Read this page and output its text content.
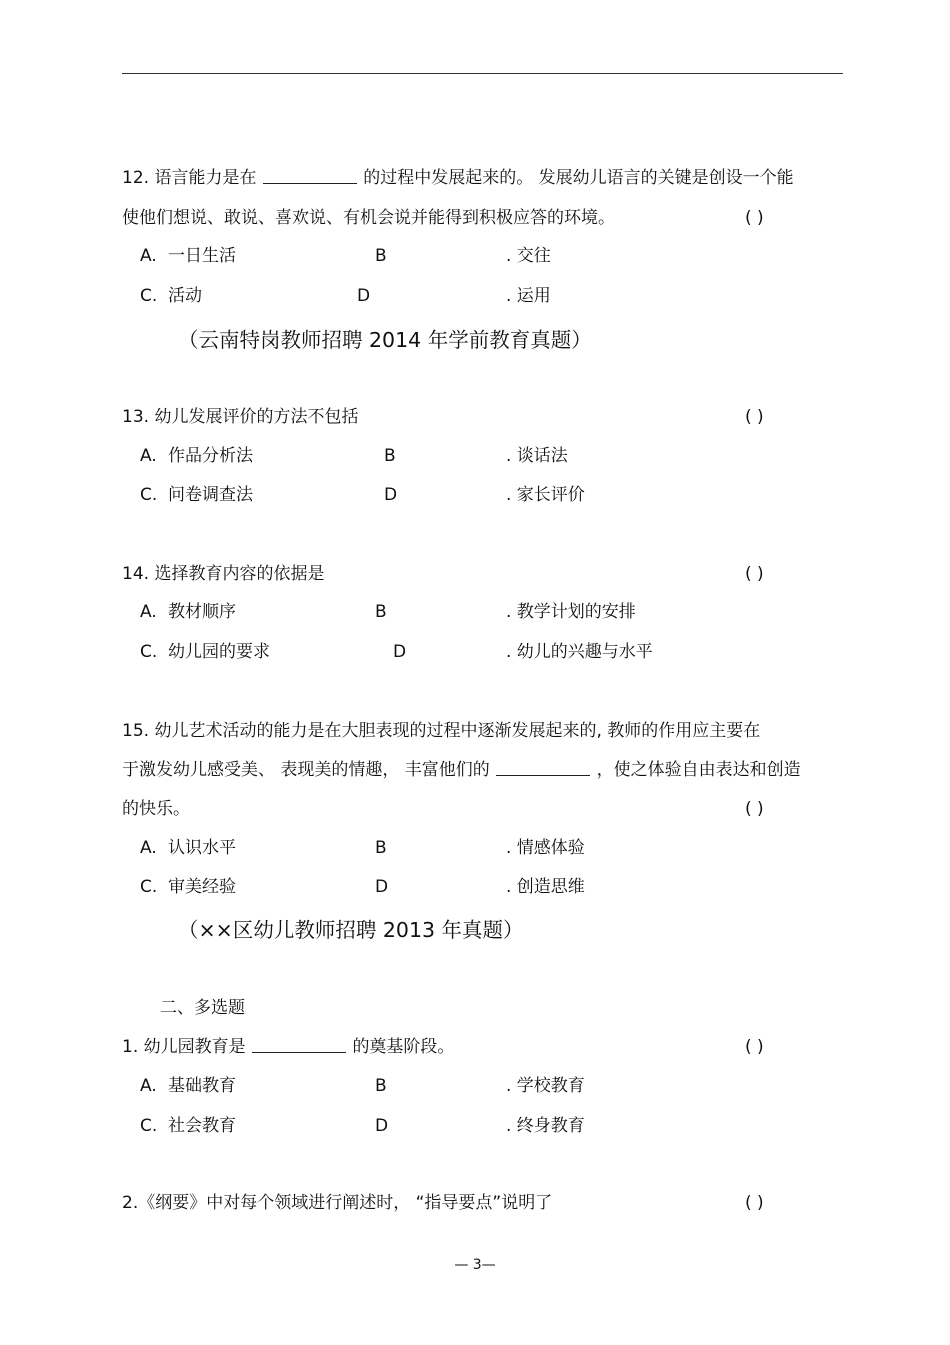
12. 语言能力是在	的过程中发展起来的。 发展幼儿语言的关键是创设一个能
使他们想说、敢说、喜欢说、有机会说并能得到积极应答的环境。	( )
A. 一日生活	B	. 交往
C. 活动	D	. 运用
（云南特岗教师招聘 2014 年学前教育真题）
13. 幼儿发展评价的方法不包括	( )
A. 作品分析法	B	. 谈话法
C. 问卷调查法	D	. 家长评价
14. 选择教育内容的依据是	( )
A. 教材顺序	B	. 教学计划的安排
C. 幼儿园的要求	D	. 幼儿的兴趣与水平
15. 幼儿艺术活动的能力是在大胆表现的过程中逐渐发展起来的, 教师的作用应主要在
于激发幼儿感受美、 表现美的情趣， 丰富他们的	，使之体验自由表达和创造
的快乐。	( )
A. 认识水平	B	. 情感体验
C. 审美经验	D	. 创造思维
（××区幼儿教师招聘 2013 年真题）
二、多选题
1. 幼儿园教育是	的奠基阶段。	( )
A. 基础教育	B	. 学校教育
C. 社会教育	D	. 终身教育
2.《纲要》中对每个领域进行阐述时， “指导要点”说明了	( )
— 3—
